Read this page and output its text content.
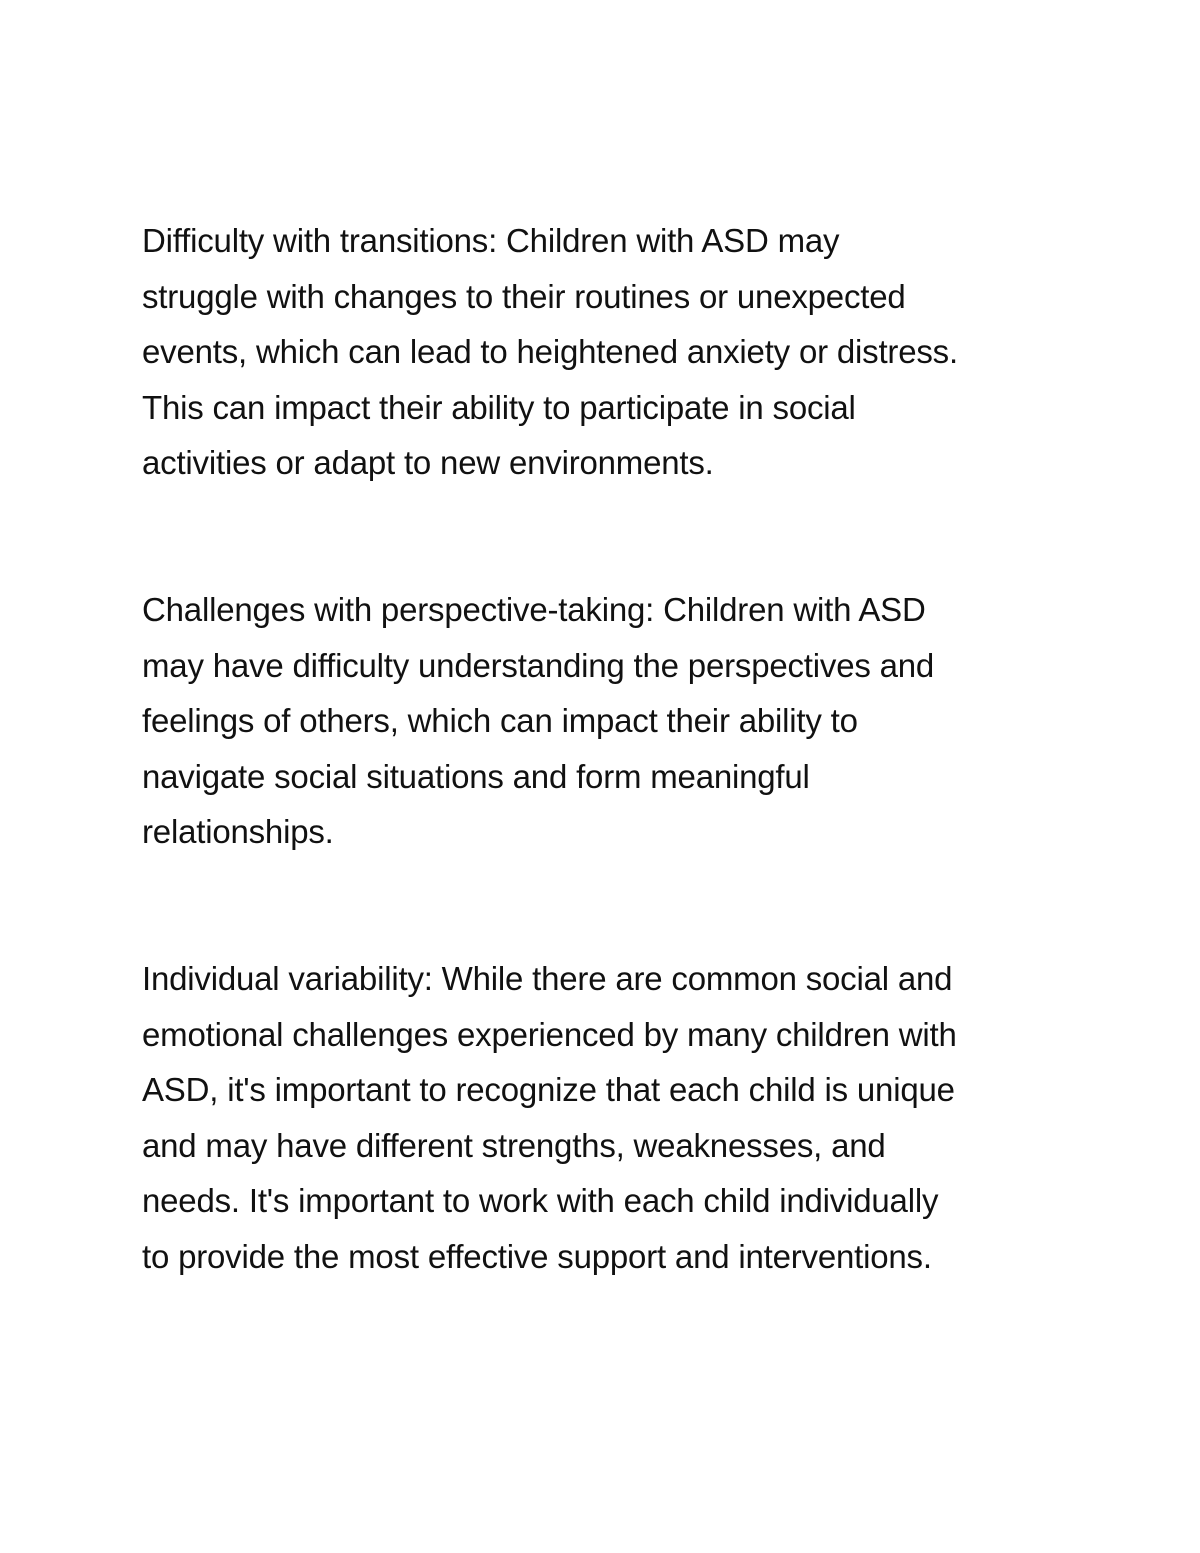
Difficulty with transitions: Children with ASD may
struggle with changes to their routines or unexpected
events, which can lead to heightened anxiety or distress.
This can impact their ability to participate in social
activities or adapt to new environments.
Challenges with perspective-taking: Children with ASD
may have difficulty understanding the perspectives and
feelings of others, which can impact their ability to
navigate social situations and form meaningful
relationships.
Individual variability: While there are common social and
emotional challenges experienced by many children with
ASD, it's important to recognize that each child is unique
and may have different strengths, weaknesses, and
needs. It's important to work with each child individually
to provide the most effective support and interventions.
